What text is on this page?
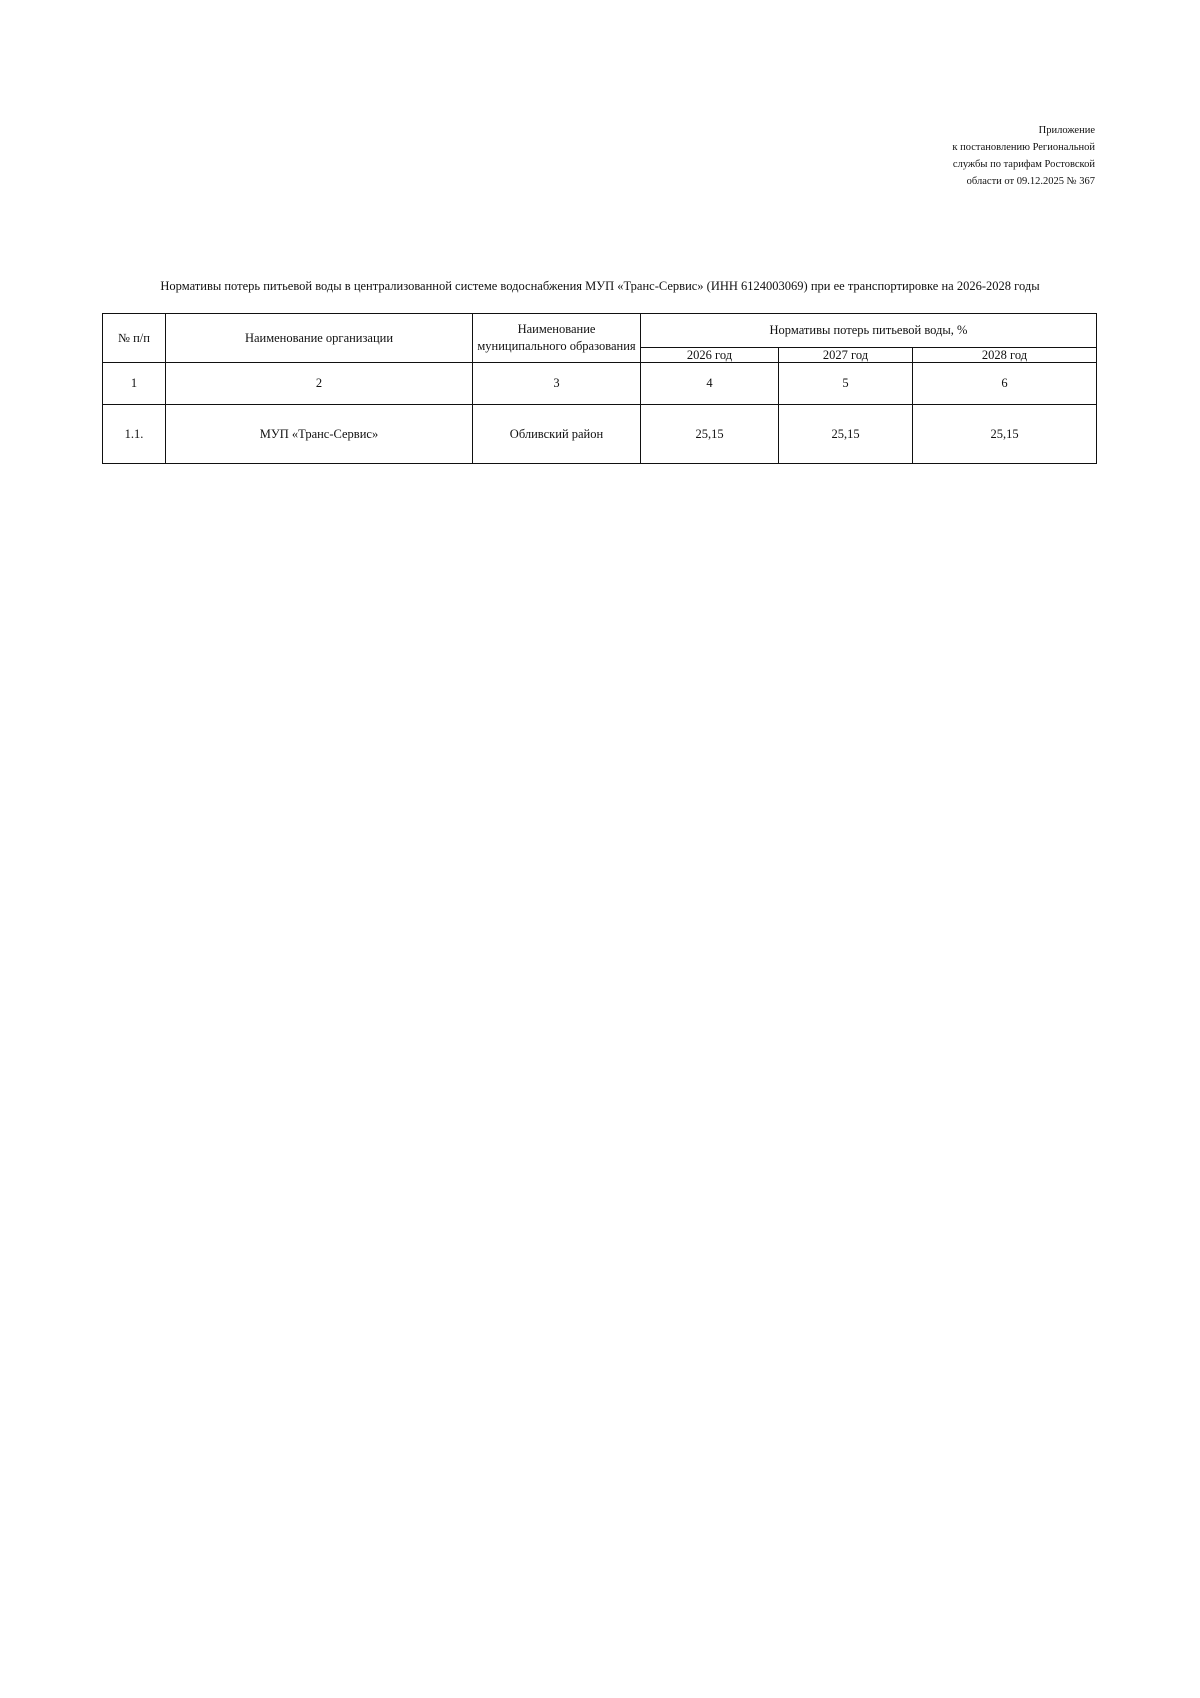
Приложение
к постановлению Региональной
службы по тарифам Ростовской
области от 09.12.2025 № 367
Нормативы потерь питьевой воды в централизованной системе водоснабжения МУП «Транс-Сервис» (ИНН 6124003069) при ее транспортировке на 2026-2028 годы
№ п/п	Наименование организации	Наименование муниципального образования	Нормативы потерь питьевой воды, %		
			2026 год	2027 год	2028 год
1	2	3	4	5	6
1.1.	МУП «Транс-Сервис»	Обливский район	25,15	25,15	25,15
